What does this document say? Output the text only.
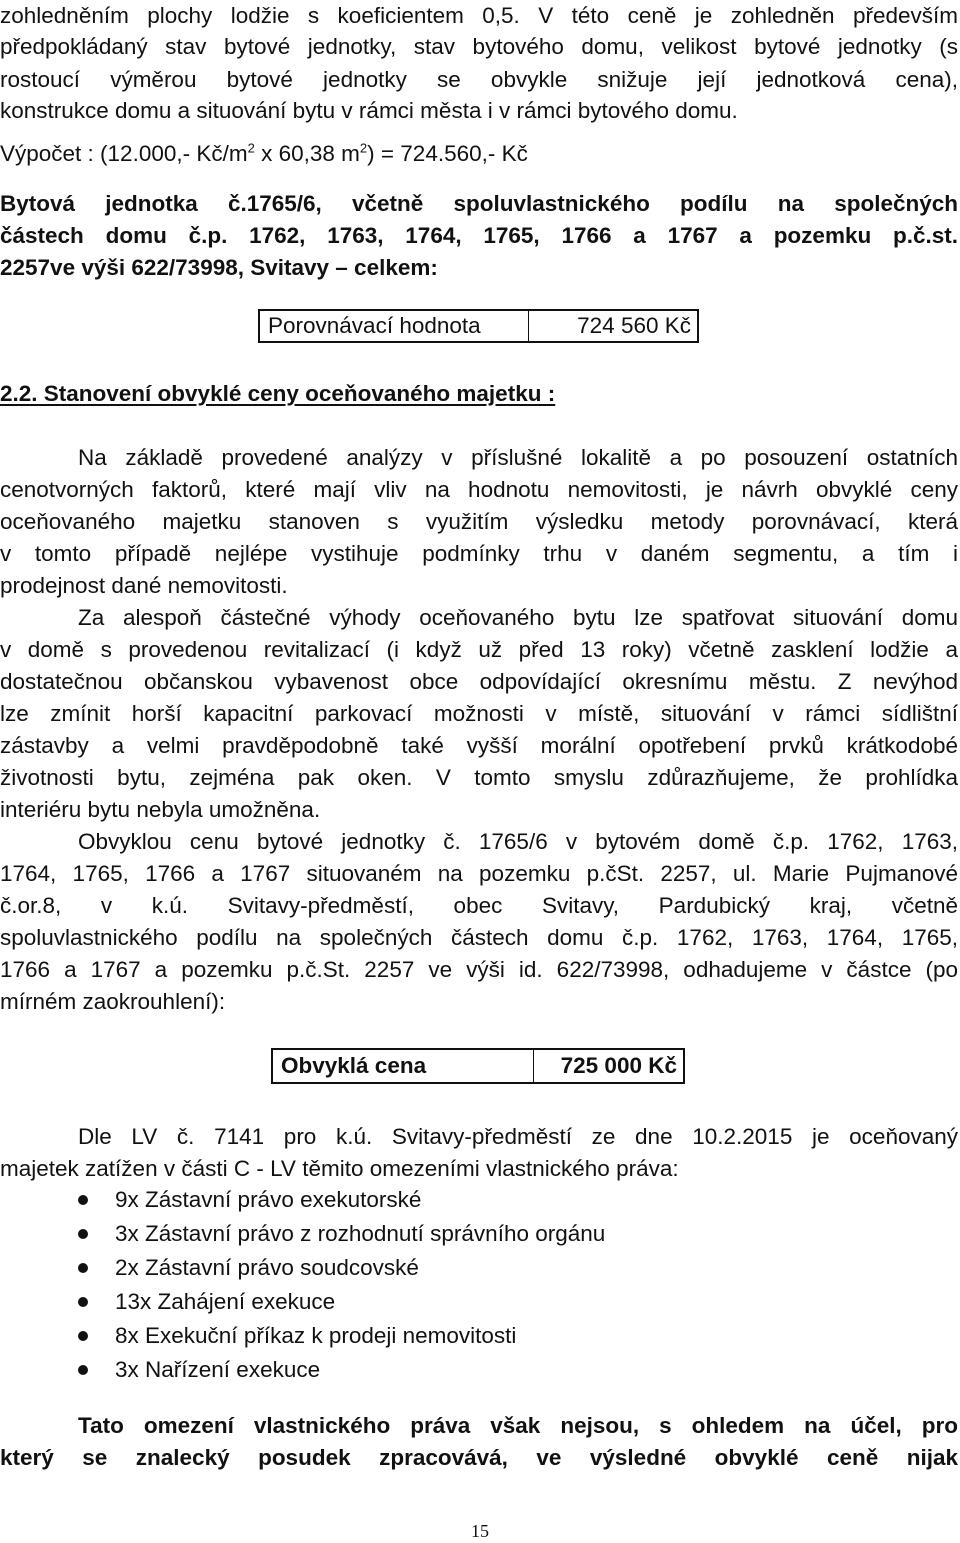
zohledněním plochy lodžie s koeficientem 0,5. V této ceně je zohledněn především
předpokládaný stav bytové jednotky, stav bytového domu, velikost bytové jednotky (s
rostoucí výměrou bytové jednotky se obvykle snižuje její jednotková cena),
konstrukce domu a situování bytu v rámci města i v rámci bytového domu.
Výpočet : (12.000,- $Kč/m^2$ x 60,38 $m^2) = 724.560,-$ Kč
Bytová jednotka č.1765/6, včetně spoluvlastnického podílu na společných
částech domu č.p. 1762, 1763, 1764, 1765, 1766 a 1767 a pozemku p.č.st.
2257ve výši 622/73998, Svitavy – celkem:
Porovnávací hodnota	724 560 Kč
2.2. Stanovení obvyklé ceny oceňovaného majetku :
Na základě provedené analýzy v příslušné lokalitě a po posouzení ostatních
cenotvorných faktorů, které mají vliv na hodnotu nemovitosti, je návrh obvyklé ceny
oceňovaného majetku stanoven s využitím výsledku metody porovnávací, která
v tomto případě nejlépe vystihuje podmínky trhu v daném segmentu, a tím i
prodejnost dané nemovitosti.
Za alespoň částečné výhody oceňovaného bytu lze spatřovat situování domu
v domě s provedenou revitalizací (i když už před 13 roky) včetně zasklení lodžie a
dostatečnou občanskou vybavenost obce odpovídající okresnímu městu. Z nevýhod
lze zmínit horší kapacitní parkovací možnosti v místě, situování v rámci sídlištní
zástavby a velmi pravděpodobně také vyšší morální opotřebení prvků krátkodobé
životnosti bytu, zejména pak oken. V tomto smyslu zdůrazňujeme, že prohlídka
interiéru bytu nebyla umožněna.
Obvyklou cenu bytové jednotky č. 1765/6 v bytovém domě č.p. 1762, 1763,
1764, 1765, 1766 a 1767 situovaném na pozemku p.čSt. 2257, ul. Marie Pujmanové
č.or.8, v k.ú. Svitavy-předměstí, obec Svitavy, Pardubický kraj, včetně
spoluvlastnického podílu na společných částech domu č.p. 1762, 1763, 1764, 1765,
1766 a 1767 a pozemku p.č.St. 2257 ve výši id. 622/73998, odhadujeme v částce (po
mírném zaokrouhlení):
Obvyklá cena	725 000 Kč
Dle LV č. 7141 pro k.ú. Svitavy-předměstí ze dne 10.2.2015 je oceňovaný
majetek zatížen v části C - LV těmito omezeními vlastnického práva:
9x Zástavní právo exekutorské
3x Zástavní právo z rozhodnutí správního orgánu
2x Zástavní právo soudcovské
13x Zahájení exekuce
8x Exekuční příkaz k prodeji nemovitosti
3x Nařízení exekuce
Tato omezení vlastnického práva však nejsou, s ohledem na účel, pro
který se znalecký posudek zpracovává, ve výsledné obvyklé ceně nijak
15
